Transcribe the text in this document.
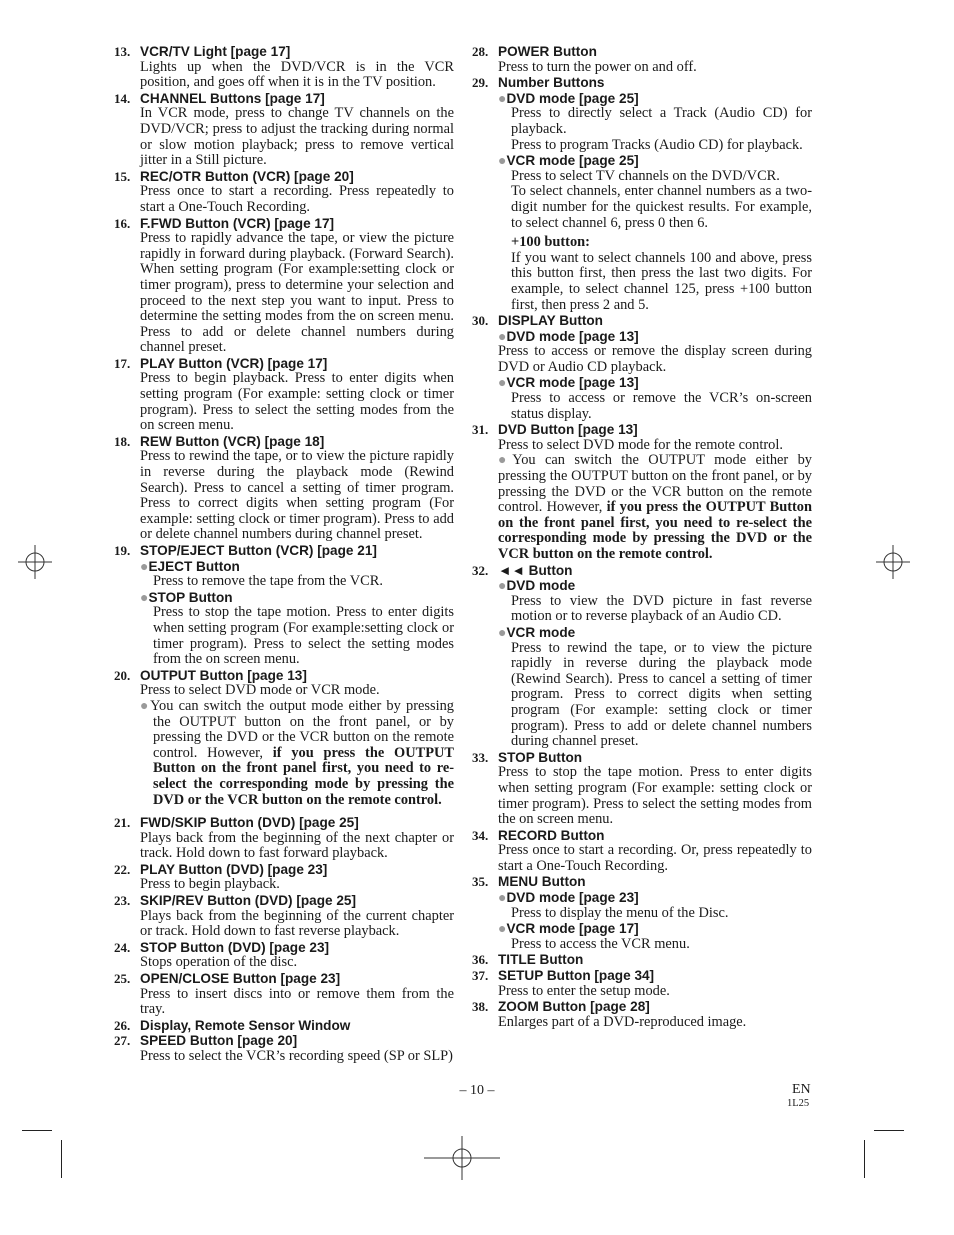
13. VCR/TV Light [page 17]
Lights up when the DVD/VCR is in the VCR position, and goes off when it is in the TV position.
14. CHANNEL Buttons [page 17]
In VCR mode, press to change TV channels on the DVD/VCR; press to adjust the tracking during normal or slow motion playback; press to remove vertical jitter in a Still picture.
15. REC/OTR Button (VCR) [page 20]
Press once to start a recording. Press repeatedly to start a One-Touch Recording.
16. F.FWD Button (VCR) [page 17]
Press to rapidly advance the tape, or view the picture rapidly in forward during playback. (Forward Search). When setting program (For example:setting clock or timer program), press to determine your selection and proceed to the next step you want to input. Press to determine the setting modes from the on screen menu. Press to add or delete channel numbers during channel preset.
17. PLAY Button (VCR) [page 17]
Press to begin playback. Press to enter digits when setting program (For example: setting clock or timer program). Press to select the setting modes from the on screen menu.
18. REW Button (VCR) [page 18]
Press to rewind the tape, or to view the picture rapidly in reverse during the playback mode (Rewind Search). Press to cancel a setting of timer program. Press to correct digits when setting program (For example: setting clock or timer program). Press to add or delete channel numbers during channel preset.
19. STOP/EJECT Button (VCR) [page 21]
●EJECT Button
Press to remove the tape from the VCR.
●STOP Button
Press to stop the tape motion. Press to enter digits when setting program (For example:setting clock or timer program). Press to select the setting modes from the on screen menu.
20. OUTPUT Button [page 13]
Press to select DVD mode or VCR mode.
●You can switch the output mode either by pressing the OUTPUT button on the front panel, or by pressing the DVD or the VCR button on the remote control. However, if you press the OUTPUT Button on the front panel first, you need to re-select the corresponding mode by pressing the DVD or the VCR button on the remote control.
21. FWD/SKIP Button (DVD) [page 25]
Plays back from the beginning of the next chapter or track. Hold down to fast forward playback.
22. PLAY Button (DVD) [page 23]
Press to begin playback.
23. SKIP/REV Button (DVD) [page 25]
Plays back from the beginning of the current chapter or track. Hold down to fast reverse playback.
24. STOP Button (DVD) [page 23]
Stops operation of the disc.
25. OPEN/CLOSE Button [page 23]
Press to insert discs into or remove them from the tray.
26. Display, Remote Sensor Window
27. SPEED Button [page 20]
Press to select the VCR’s recording speed (SP or SLP)
28. POWER Button
Press to turn the power on and off.
29. Number Buttons
●DVD mode [page 25]
Press to directly select a Track (Audio CD) for playback.
Press to program Tracks (Audio CD) for playback.
●VCR mode [page 25]
Press to select TV channels on the DVD/VCR.
To select channels, enter channel numbers as a two-digit number for the quickest results. For example, to select channel 6, press 0 then 6.
+100 button:
If you want to select channels 100 and above, press this button first, then press the last two digits. For example, to select channel 125, press +100 button first, then press 2 and 5.
30. DISPLAY Button
●DVD mode [page 13]
Press to access or remove the display screen during DVD or Audio CD playback.
●VCR mode [page 13]
Press to access or remove the VCR’s on-screen status display.
31. DVD Button [page 13]
Press to select DVD mode for the remote control.
●You can switch the OUTPUT mode either by pressing the OUTPUT button on the front panel, or by pressing the DVD or the VCR button on the remote control. However, if you press the OUTPUT Button on the front panel first, you need to re-select the corresponding mode by pressing the DVD or the VCR button on the remote control.
32. ◄◄ Button
●DVD mode
Press to view the DVD picture in fast reverse motion or to reverse playback of an Audio CD.
●VCR mode
Press to rewind the tape, or to view the picture rapidly in reverse during the playback mode (Rewind Search). Press to cancel a setting of timer program. Press to correct digits when setting program (For example: setting clock or timer program). Press to add or delete channel numbers during channel preset.
33. STOP Button
Press to stop the tape motion. Press to enter digits when setting program (For example: setting clock or timer program). Press to select the setting modes from the on screen menu.
34. RECORD Button
Press once to start a recording. Or, press repeatedly to start a One-Touch Recording.
35. MENU Button
●DVD mode [page 23]
Press to display the menu of the Disc.
●VCR mode [page 17]
Press to access the VCR menu.
36. TITLE Button
37. SETUP Button [page 34]
Press to enter the setup mode.
38. ZOOM Button [page 28]
Enlarges part of a DVD-reproduced image.
– 10 –	EN
1L25
